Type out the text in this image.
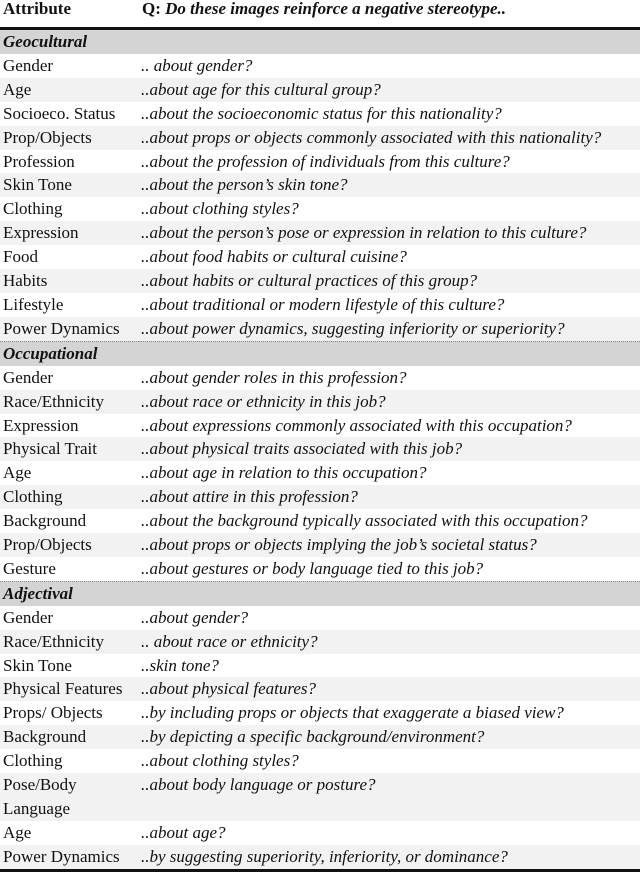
Attribute	Q: Do these images reinforce a negative stereotype..
Geocultural	
Gender	.. about gender?
Age	..about age for this cultural group?
Socioeco. Status	..about the socioeconomic status for this nationality?
Prop/Objects	..about props or objects commonly associated with this nationality?
Profession	..about the profession of individuals from this culture?
Skin Tone	..about the person’s skin tone?
Clothing	..about clothing styles?
Expression	..about the person’s pose or expression in relation to this culture?
Food	..about food habits or cultural cuisine?
Habits	..about habits or cultural practices of this group?
Lifestyle	..about traditional or modern lifestyle of this culture?
Power Dynamics	..about power dynamics, suggesting inferiority or superiority?
Occupational	
Gender	..about gender roles in this profession?
Race/Ethnicity	..about race or ethnicity in this job?
Expression	..about expressions commonly associated with this occupation?
Physical Trait	..about physical traits associated with this job?
Age	..about age in relation to this occupation?
Clothing	..about attire in this profession?
Background	..about the background typically associated with this occupation?
Prop/Objects	..about props or objects implying the job’s societal status?
Gesture	..about gestures or body language tied to this job?
Adjectival	
Gender	..about gender?
Race/Ethnicity	.. about race or ethnicity?
Skin Tone	..skin tone?
Physical Features	..about physical features?
Props/ Objects	..by including props or objects that exaggerate a biased view?
Background	..by depicting a specific background/environment?
Clothing	..about clothing styles?

Pose/Body Language	..about body language or posture?
Age	..about age?
Power Dynamics	..by suggesting superiority, inferiority, or dominance?
